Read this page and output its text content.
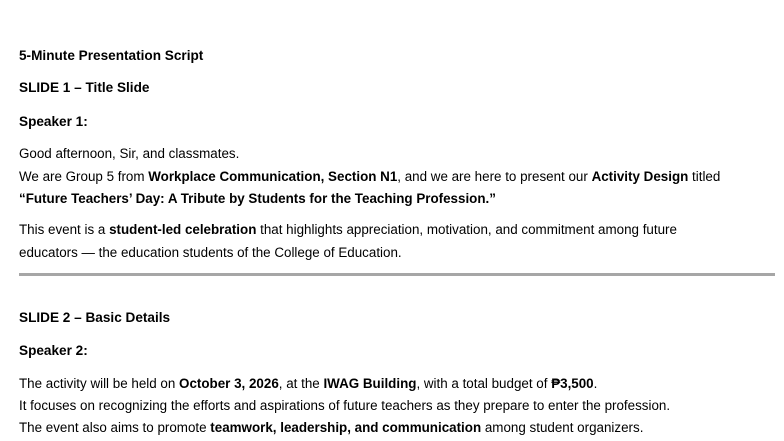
5-Minute Presentation Script
SLIDE 1 – Title Slide
Speaker 1:
Good afternoon, Sir, and classmates.
We are Group 5 from Workplace Communication, Section N1, and we are here to present our Activity Design titled
“Future Teachers’ Day: A Tribute by Students for the Teaching Profession.”
This event is a student-led celebration that highlights appreciation, motivation, and commitment among future
educators — the education students of the College of Education.
SLIDE 2 – Basic Details
Speaker 2:
The activity will be held on October 3, 2026, at the IWAG Building, with a total budget of ₱3,500.
It focuses on recognizing the efforts and aspirations of future teachers as they prepare to enter the profession.
The event also aims to promote teamwork, leadership, and communication among student organizers.
